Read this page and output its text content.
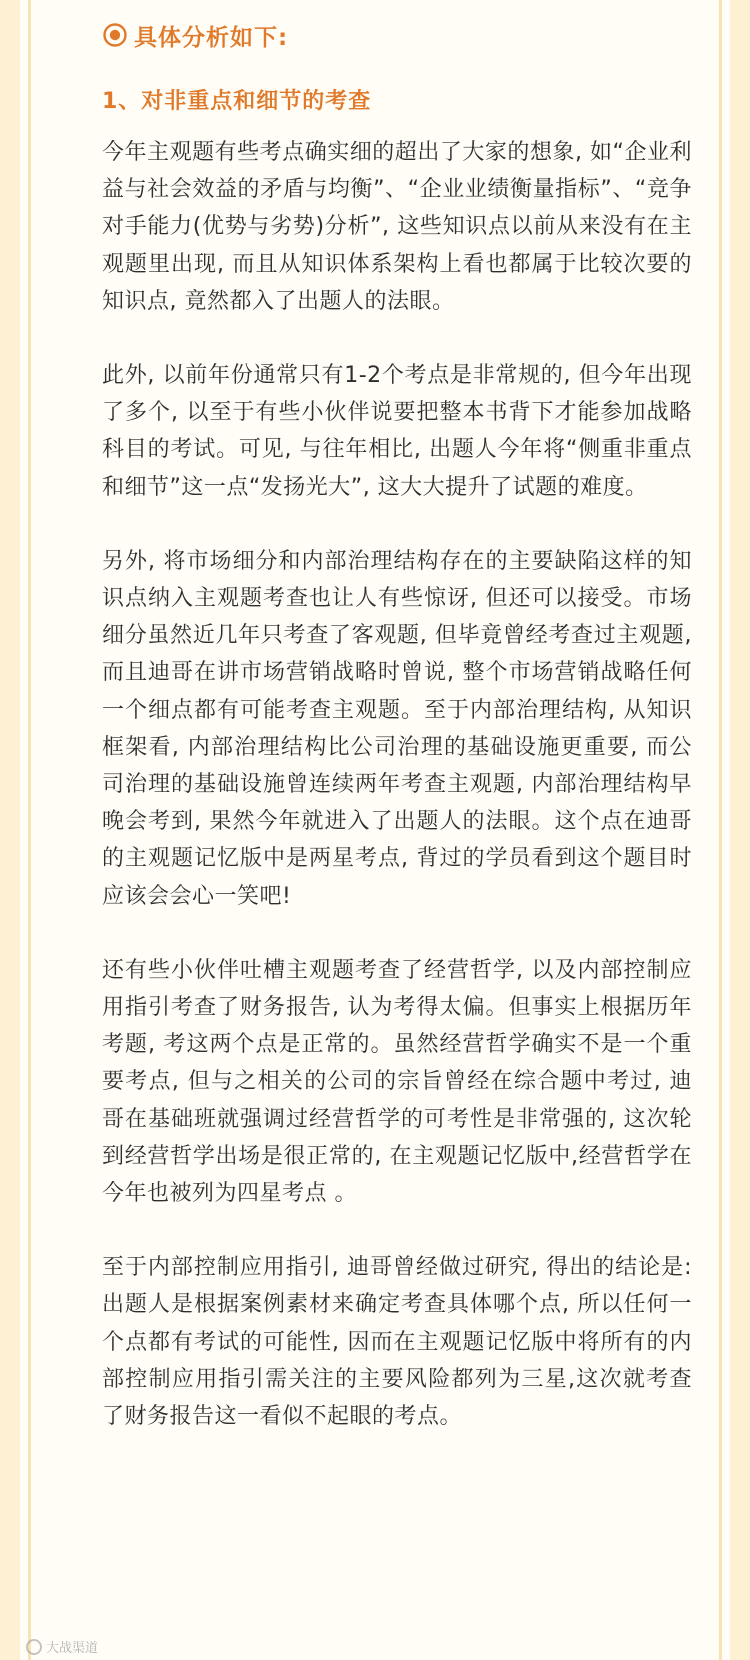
具体分析如下:
1、对非重点和细节的考查

今年主观题有些考点确实细的超出了大家的想象, 如“企业利益与社会效益的矛盾与均衡”、“企业业绩衡量指标”、“竞争对手能力(优势与劣势)分析”, 这些知识点以前从来没有在主观题里出现, 而且从知识体系架构上看也都属于比较次要的知识点, 竟然都入了出题人的法眼。

此外, 以前年份通常只有1-2个考点是非常规的, 但今年出现了多个, 以至于有些小伙伴说要把整本书背下才能参加战略科目的考试。可见, 与往年相比, 出题人今年将“侧重非重点和细节”这一点“发扬光大”, 这大大提升了试题的难度。

另外, 将市场细分和内部治理结构存在的主要缺陷这样的知识点纳入主观题考查也让人有些惊讶, 但还可以接受。市场细分虽然近几年只考查了客观题, 但毕竟曾经考查过主观题, 而且迪哥在讲市场营销战略时曾说, 整个市场营销战略任何一个细点都有可能考查主观题。至于内部治理结构, 从知识框架看, 内部治理结构比公司治理的基础设施更重要, 而公司治理的基础设施曾连续两年考查主观题, 内部治理结构早晚会考到, 果然今年就进入了出题人的法眼。这个点在迪哥的主观题记忆版中是两星考点, 背过的学员看到这个题目时应该会会心一笑吧!

还有些小伙伴吐槽主观题考查了经营哲学, 以及内部控制应用指引考查了财务报告, 认为考得太偏。但事实上根据历年考题, 考这两个点是正常的。虽然经营哲学确实不是一个重要考点, 但与之相关的公司的宗旨曾经在综合题中考过, 迪哥在基础班就强调过经营哲学的可考性是非常强的, 这次轮到经营哲学出场是很正常的, 在主观题记忆版中,经营哲学在今年也被列为四星考点 。

至于内部控制应用指引, 迪哥曾经做过研究, 得出的结论是: 出题人是根据案例素材来确定考查具体哪个点, 所以任何一个点都有考试的可能性, 因而在主观题记忆版中将所有的内部控制应用指引需关注的主要风险都列为三星,这次就考查了财务报告这一看似不起眼的考点。

大战渠道
